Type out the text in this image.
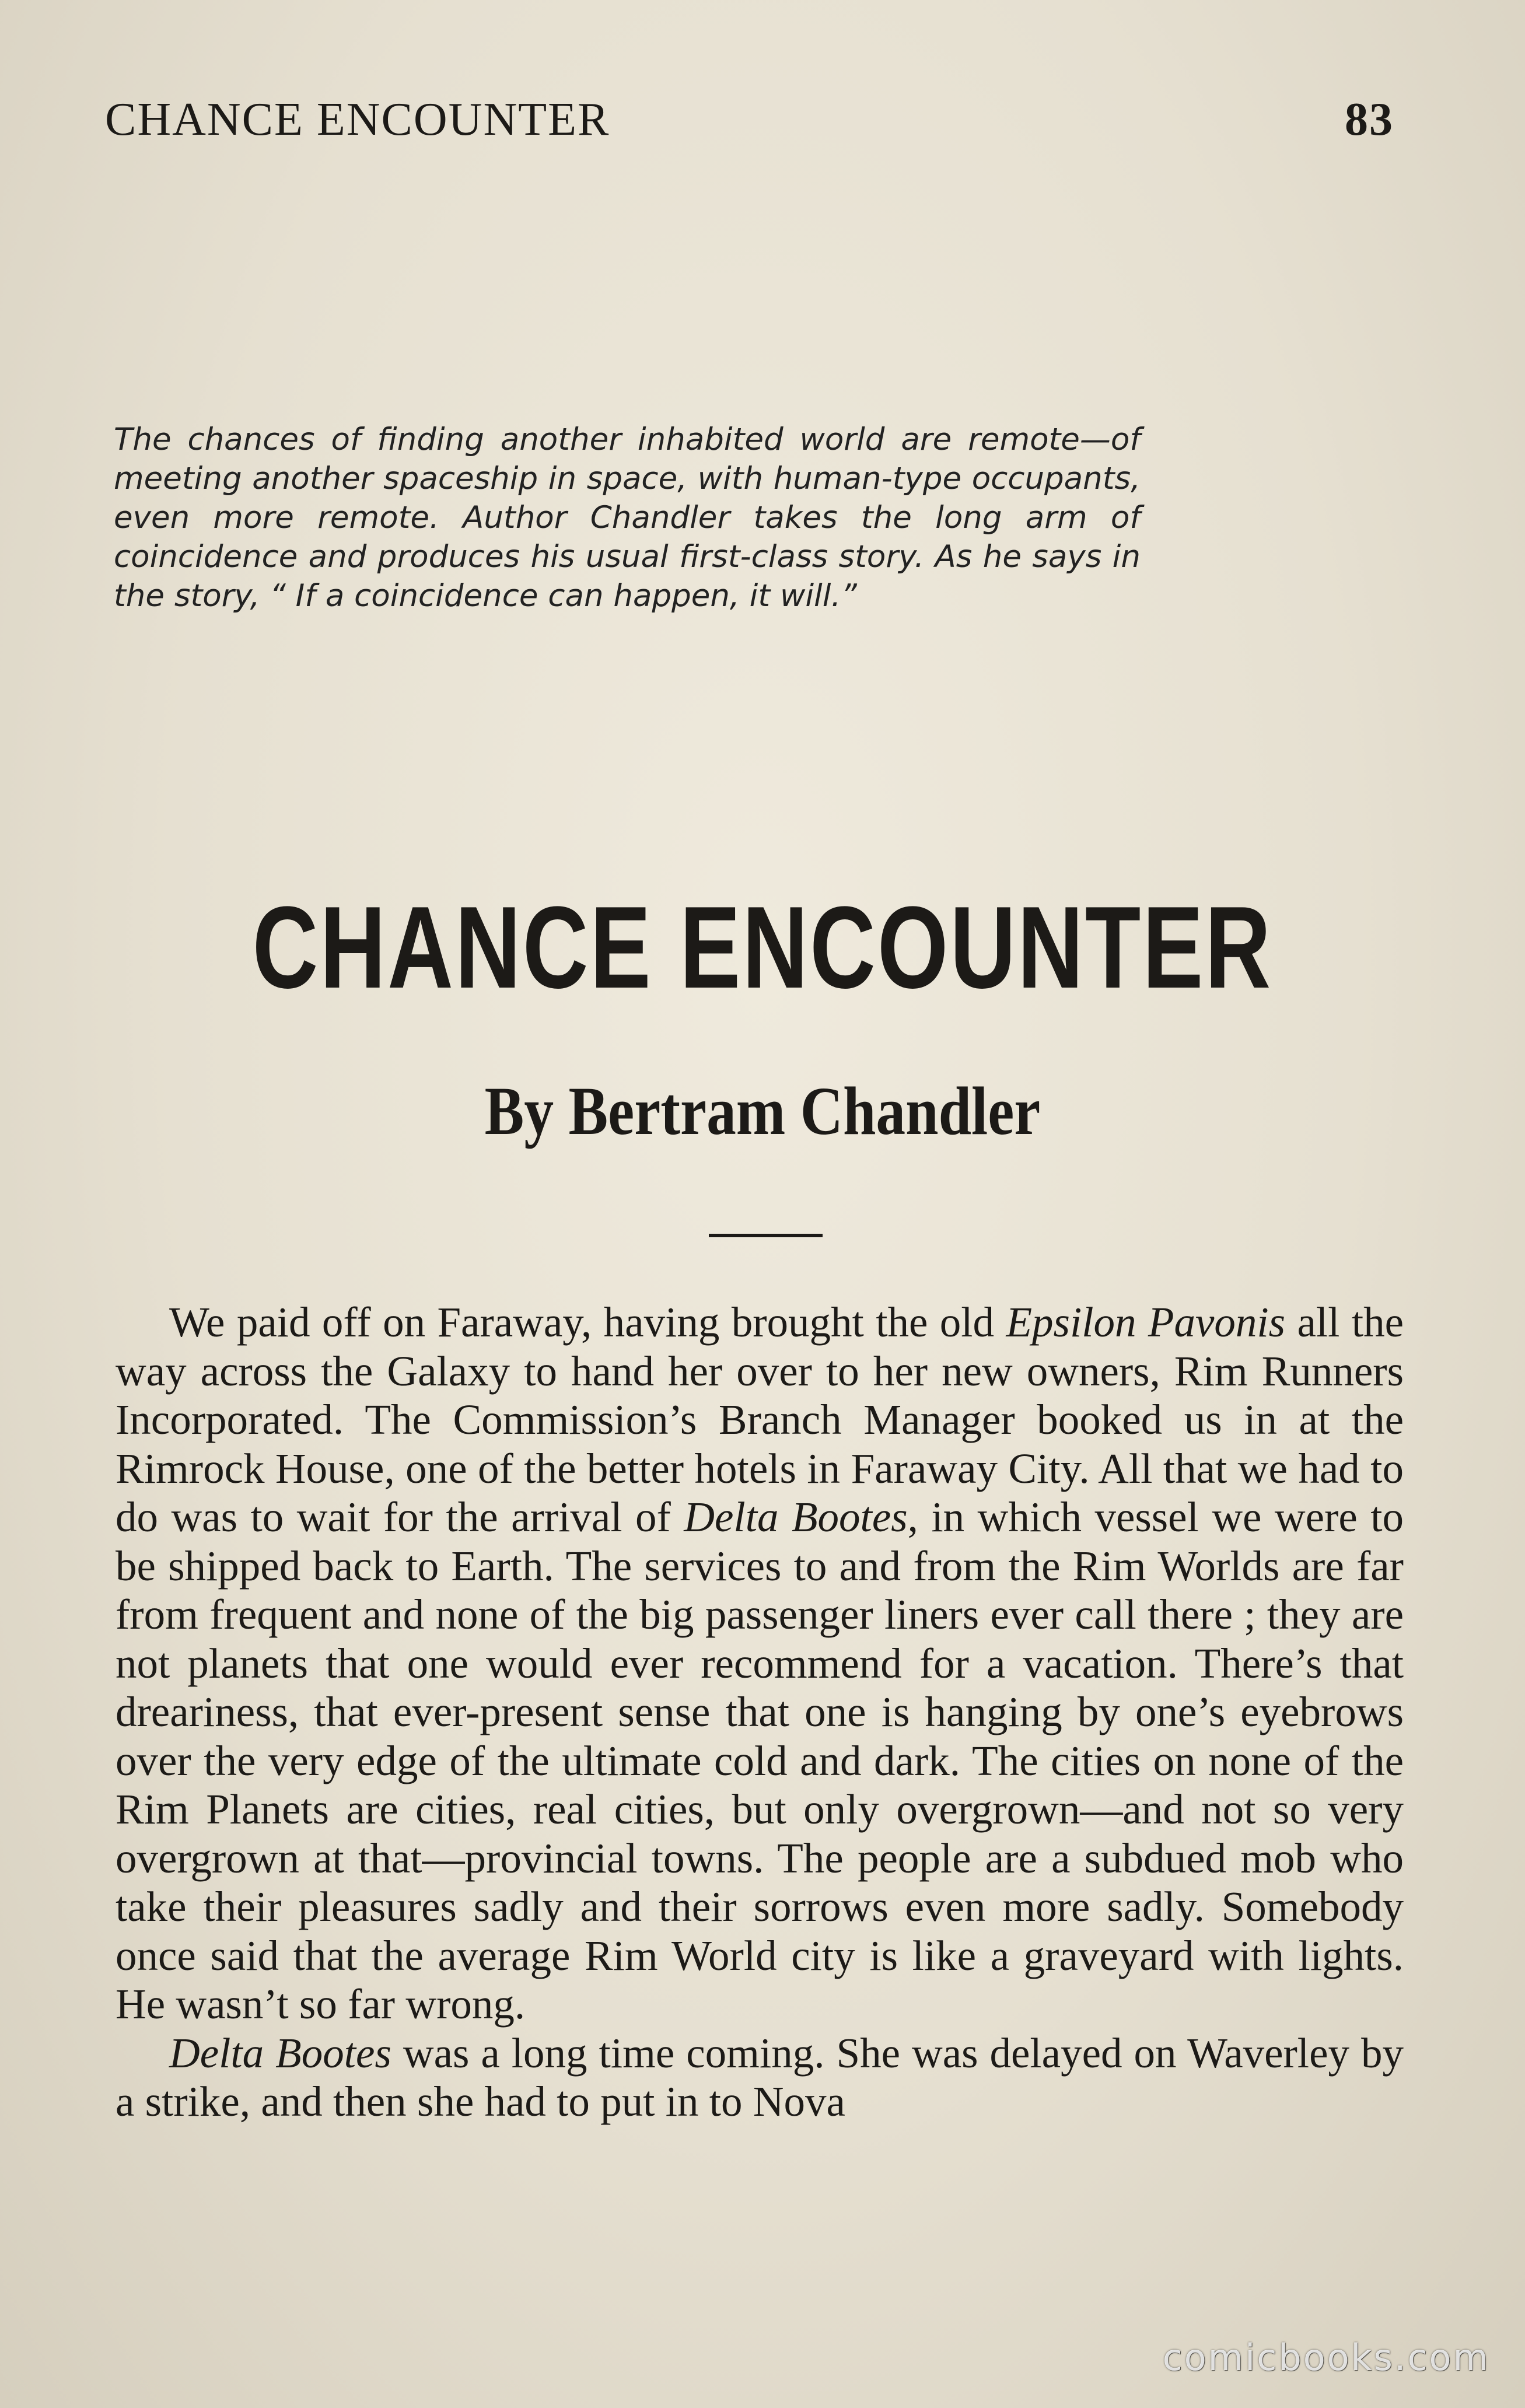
CHANCE ENCOUNTER	83
The chances of finding another inhabited world are remote—of meeting another spaceship in space, with human-type occupants, even more remote. Author Chandler takes the long arm of coincidence and produces his usual first-class story. As he says in the story, “ If a coincidence can happen, it will.”
CHANCE ENCOUNTER
By Bertram Chandler

We paid off on Faraway, having brought the old Epsilon Pavonis all the way across the Galaxy to hand her over to her new owners, Rim Runners Incorporated. The Commission’s Branch Manager booked us in at the Rimrock House, one of the better hotels in Faraway City. All that we had to do was to wait for the arrival of Delta Bootes, in which vessel we were to be shipped back to Earth. The services to and from the Rim Worlds are far from frequent and none of the big passenger liners ever call there ; they are not planets that one would ever recommend for a vacation. There’s that dreariness, that ever-present sense that one is hanging by one’s eyebrows over the very edge of the ultimate cold and dark. The cities on none of the Rim Planets are cities, real cities, but only overgrown—and not so very overgrown at that—provincial towns. The people are a subdued mob who take their pleasures sadly and their sorrows even more sadly. Somebody once said that the average Rim World city is like a graveyard with lights. He wasn’t so far wrong.

Delta Bootes was a long time coming. She was delayed on Waverley by a strike, and then she had to put in to Nova

comicbooks.com
